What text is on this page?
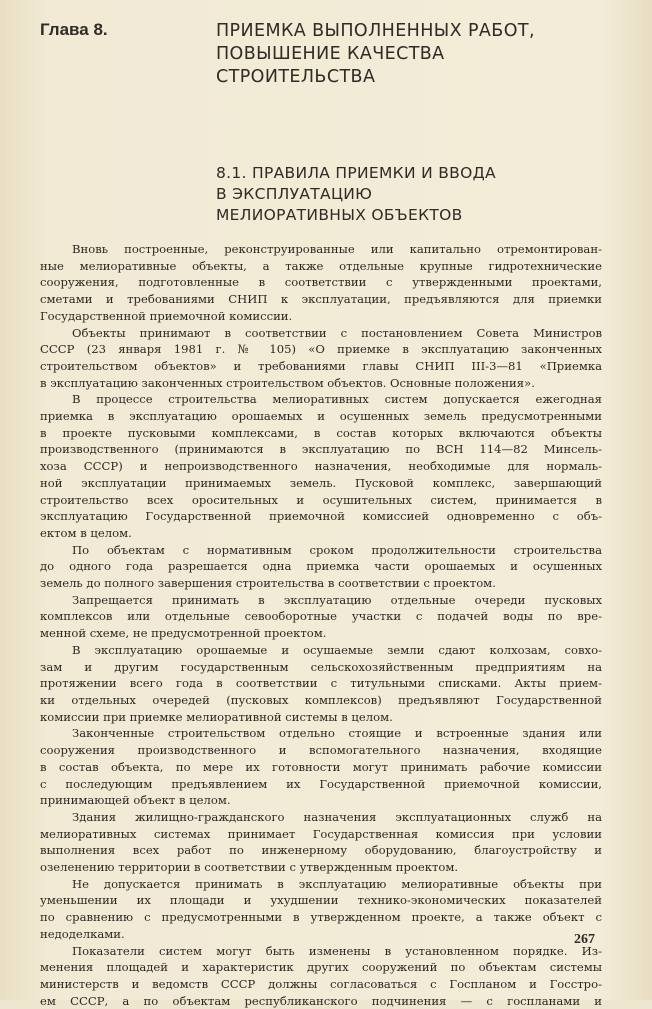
Глава 8.	ПРИЕМКА ВЫПОЛНЕННЫХ РАБОТ,
ПОВЫШЕНИЕ КАЧЕСТВА
СТРОИТЕЛЬСТВА
8.1. ПРАВИЛА ПРИЕМКИ И ВВОДА
В ЭКСПЛУАТАЦИЮ
МЕЛИОРАТИВНЫХ ОБЪЕКТОВ
Вновь построенные, реконструированные или капитально отремонтирован-
ные мелиоративные объекты, а также отдельные крупные гидротехнические
сооружения, подготовленные в соответствии с утвержденными проектами,
сметами и требованиями СНИП к эксплуатации, предъявляются для приемки
Государственной приемочной комиссии.
Объекты принимают в соответствии с постановлением Совета Министров
СССР (23 января 1981 г. № 105) «О приемке в эксплуатацию законченных
строительством объектов» и требованиями главы СНИП III-3—81 «Приемка
в эксплуатацию законченных строительством объектов. Основные положения».
В процессе строительства мелиоративных систем допускается ежегодная
приемка в эксплуатацию орошаемых и осушенных земель предусмотренными
в проекте пусковыми комплексами, в состав которых включаются объекты
производственного (принимаются в эксплуатацию по ВСН 114—82 Минсель-
хоза СССР) и непроизводственного назначения, необходимые для нормаль-
ной эксплуатации принимаемых земель. Пусковой комплекс, завершающий
строительство всех оросительных и осушительных систем, принимается в
эксплуатацию Государственной приемочной комиссией одновременно с объ-
ектом в целом.
По объектам с нормативным сроком продолжительности строительства
до одного года разрешается одна приемка части орошаемых и осушенных
земель до полного завершения строительства в соответствии с проектом.
Запрещается принимать в эксплуатацию отдельные очереди пусковых
комплексов или отдельные севооборотные участки с подачей воды по вре-
менной схеме, не предусмотренной проектом.
В эксплуатацию орошаемые и осушаемые земли сдают колхозам, совхо-
зам и другим государственным сельскохозяйственным предприятиям на
протяжении всего года в соответствии с титульными списками. Акты прием-
ки отдельных очередей (пусковых комплексов) предъявляют Государственной
комиссии при приемке мелиоративной системы в целом.
Законченные строительством отдельно стоящие и встроенные здания или
сооружения производственного и вспомогательного назначения, входящие
в состав объекта, по мере их готовности могут принимать рабочие комиссии
с последующим предъявлением их Государственной приемочной комиссии,
принимающей объект в целом.
Здания жилищно-гражданского назначения эксплуатационных служб на
мелиоративных системах принимает Государственная комиссия при условии
выполнения всех работ по инженерному оборудованию, благоустройству и
озеленению территории в соответствии с утвержденным проектом.
Не допускается принимать в эксплуатацию мелиоративные объекты при
уменьшении их площади и ухудшении технико-экономических показателей
по сравнению с предусмотренными в утвержденном проекте, а также объект с
недоделками.
Показатели систем могут быть изменены в установленном порядке. Из-
менения площадей и характеристик других сооружений по объектам системы
министерств и ведомств СССР должны согласоваться с Госпланом и Госстро-
ем СССР, а по объектам республиканского подчинения — с госпланами и
267
